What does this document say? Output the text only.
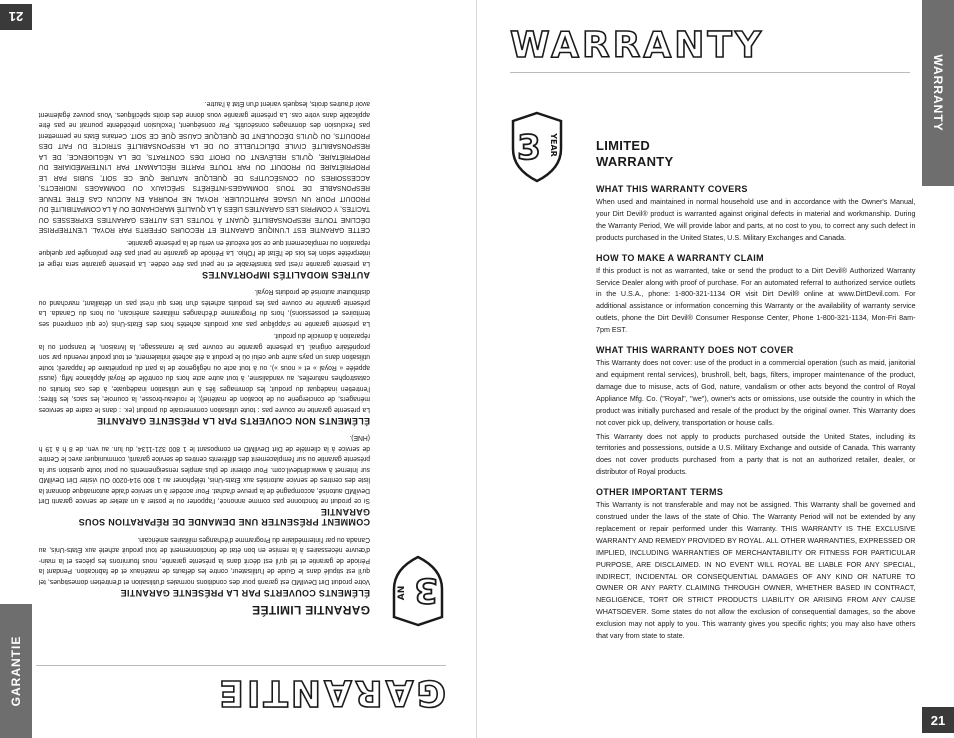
WARRANTY
21
WARRANTY
3 YEAR	LIMITED
WARRANTY
WHAT THIS WARRANTY COVERS

When used and maintained in normal household use and in accordance with the Owner's Manual, your Dirt Devil® product is warranted against original defects in material and workmanship. During the Warranty Period, We will provide labor and parts, at no cost to you, to correct any such defect in products purchased in the United States, U.S. Military Exchanges and Canada.

HOW TO MAKE A WARRANTY CLAIM

If this product is not as warranted, take or send the product to a Dirt Devil® Authorized Warranty Service Dealer along with proof of purchase. For an automated referral to authorized service outlets in the U.S.A., phone: 1-800-321-1134 OR visit Dirt Devil® online at www.DirtDevil.com. For additional assistance or information concerning this Warranty or the availability of warranty service outlets, phone the Dirt Devil® Consumer Response Center, Phone 1-800-321-1134, Mon-Fri 8am-7pm EST.

WHAT THIS WARRANTY DOES NOT COVER

This Warranty does not cover: use of the product in a commercial operation (such as maid, janitorial and equipment rental services), brushroll, belt, bags, filters, improper maintenance of the product, damage due to misuse, acts of God, nature, vandalism or other acts beyond the control of Royal Appliance Mfg. Co. ("Royal", "we"), owner's acts or omissions, use outside the country in which the product was initially purchased and resale of the product by the original owner. This Warranty does not cover pick up, delivery, transportation or house calls.

This Warranty does not apply to products purchased outside the United States, including its territories and possessions, outside a U.S. Military Exchange and outside of Canada. This warranty does not cover products purchased from a party that is not an authorized retailer, dealer, or distributor of Royal products.

OTHER IMPORTANT TERMS

This Warranty is not transferable and may not be assigned. This Warranty shall be governed and construed under the laws of the state of Ohio. The Warranty Period will not be extended by any replacement or repair performed under this Warranty. THIS WARRANTY IS THE EXCLUSIVE WARRANTY AND REMEDY PROVIDED BY ROYAL. ALL OTHER WARRANTIES, EXPRESSED OR IMPLIED, INCLUDING WARRANTIES OF MERCHANTABILITY OR FITNESS FOR PARTICULAR PURPOSE, ARE DISCLAIMED. IN NO EVENT WILL ROYAL BE LIABLE FOR ANY SPECIAL, INDIRECT, INCIDENTAL OR CONSEQUENTIAL DAMAGES OF ANY KIND OR NATURE TO OWNER OR ANY PARTY CLAIMING THROUGH OWNER, WHETHER BASED IN CONTRACT, NEGLIGENCE, TORT OR STRICT PRODUCTS LIABILITY OR ARISING FROM ANY CAUSE WHATSOEVER. Some states do not allow the exclusion of consequential damages, so the above exclusion may not apply to you. This warranty gives you specific rights; you may also have others that vary from state to state.

GARANTIE
21
GARANTIE
3
AN
GARANTIE LIMITÉE
ÉLÉMENTS COUVERTS PAR LA PRÉSENTE GARANTIE

Votre produit Dirt DevilMD est garanti pour des conditions normales d'utilisation et d'entretien domestiques, tel qu'il est stipulé dans le Guide de l'utilisateur, contre les défauts de matériaux et de fabrication. Pendant la Période de garantie et tel qu'il est décrit dans la présente garantie, nous fournirons les pièces et la main-d'œuvre nécessaires à la remise en bon état de fonctionnement de tout produit acheté aux États-Unis, au Canada ou par l'intermédiaire du Programme d'échanges militaires américain.

COMMENT PRÉSENTER UNE DEMANDE DE RÉPARATION SOUS GARANTIE

Si ce produit ne fonctionne pas comme annoncé, l'apporter ou le poster à un atelier de service garanti Dirt DevilMD autorisé, accompagné de la preuve d'achat. Pour accéder à un service d'aide automatique donnant la liste des centres de service autorisés aux États-Unis, téléphoner au 1 800 914-0200 OU visiter Dirt DevilMD sur Internet à www.dirtdevil.com. Pour obtenir de plus amples renseignements ou pour toute question sur la présente garantie ou sur l'emplacement des différents centres de service garanti, communiquer avec le Centre de service à la clientèle de Dirt DevilMD en composant le 1 800 321-1134, du lun. au ven. de 8 h à 19 h (HNE).

ÉLÉMENTS NON COUVERTS PAR LA PRÉSENTE GARANTIE

La présente garantie ne couvre pas : toute utilisation commerciale du produit (ex. : dans le cadre de services ménagers, de conciergerie ou de location de matériel); le rouleau-brosse, la courroie, les sacs, les filtres; l'entretien inadéquat du produit; les dommages liés à une utilisation inadéquate, à des cas fortuits ou catastrophes naturelles, au vandalisme, à tout autre acte hors du contrôle de Royal Appliance Mfg. (aussi appelée « Royal » et « nous »), ou à tout acte ou négligence de la part du propriétaire de l'appareil; toute utilisation dans un pays autre que celui où le produit a été acheté initialement, et tout produit revendu par son propriétaire original. La présente garantie ne couvre pas le ramassage, la livraison, le transport ou la réparation à domicile du produit.

La présente garantie ne s'applique pas aux produits achetés hors des États-Unis (ce qui comprend ses territoires et possessions), hors du Programme d'échanges militaires américain, ou hors du Canada. La présente garantie ne couvre pas les produits achetés d'un tiers qui n'est pas un détaillant, marchand ou distributeur autorisé de produits Royal.

AUTRES MODALITÉS IMPORTANTES

La présente garantie n'est pas transférable et ne peut pas être cédée. La présente garantie sera régie et interprétée selon les lois de l'État de l'Ohio. La Période de garantie ne peut pas être prolongée par quelque réparation ou remplacement que ce soit exécuté en vertu de la présente garantie.

CETTE GARANTIE EST L'UNIQUE GARANTIE ET RECOURS OFFERTS PAR ROYAL. L'ENTREPRISE DÉCLINE TOUTE RESPONSABILITÉ QUANT À TOUTES LES AUTRES GARANTIES EXPRESSES OU TACITES, Y COMPRIS LES GARANTIES LIÉES À LA QUALITÉ MARCHANDE OU À LA COMPATIBILITÉ DU PRODUIT POUR UN USAGE PARTICULIER. ROYAL NE POURRA EN AUCUN CAS ÊTRE TENUE RESPONSABLE DE TOUS DOMMAGES-INTÉRÊTS SPÉCIAUX OU DOMMAGES INDIRECTS, ACCESSOIRES OU CONSÉCUTIFS DE QUELQUE NATURE QUE CE SOIT, SUBIS PAR LE PROPRIÉTAIRE DU PRODUIT OU PAR TOUTE PARTIE RÉCLAMANT PAR L'INTERMÉDIAIRE DU PROPRIÉTAIRE, QU'ILS RELÈVENT OU DROIT DES CONTRATS, DE LA NÉGLIGENCE, DE LA RESPONSABILITÉ CIVILE DÉLICTUELLE OU DE LA RESPONSABILITÉ STRICTE DU FAIT DES PRODUITS, OU QU'ILS DÉCOULENT DE QUELQUE CAUSE QUE CE SOIT. Certains États ne permettent pas l'exclusion des dommages consécutifs. Par conséquent, l'exclusion précédente pourrait ne pas être applicable dans votre cas. La présente garantie vous donne des droits spécifiques. Vous pouvez également avoir d'autres droits, lesquels varient d'un État à l'autre.
